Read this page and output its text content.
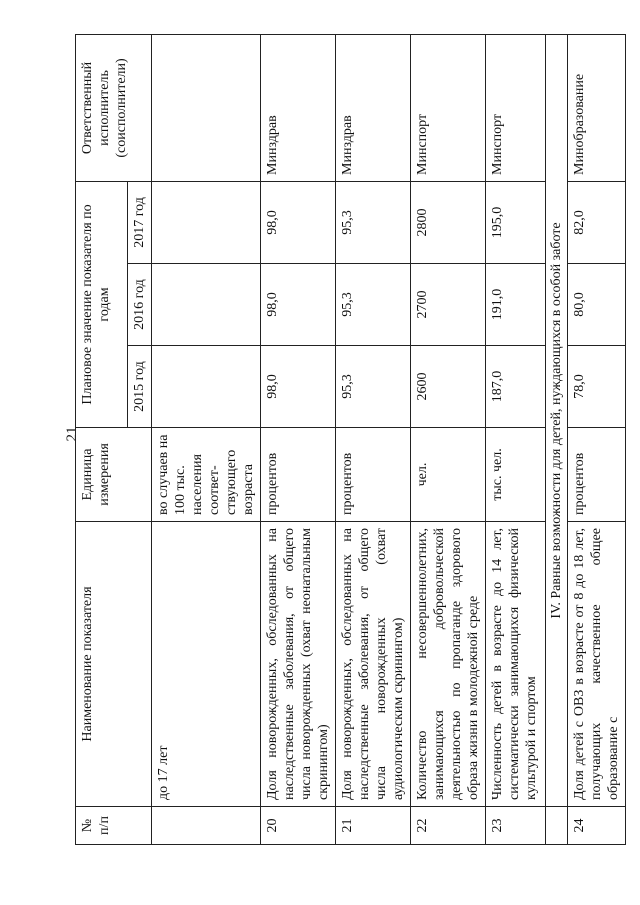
21
№ п/п	Наименование показателя	Единица измерения	Плановое значение показателя по годам			Ответственный исполнитель (соисполнители)
			2015 год	2016 год	2017 год	
	до 17 лет	во случаев на 100 тыс. населения соответ-ствующего возраста				
20	Доля новорожденных, обследованных на наследственные заболевания, от общего числа новорожденных (охват неонатальным скринингом)	процентов	98,0	98,0	98,0	Минздрав
21	Доля новорожденных, обследованных на наследственные заболевания, от общего числа новорожденных (охват аудиологическим скринингом)	процентов	95,3	95,3	95,3	Минздрав
22	Количество несовершеннолетних, занимающихся добровольческой деятельностью по пропаганде здорового образа жизни в молодежной среде	чел.	2600	2700	2800	Минспорт
23	Численность детей в возрасте до 14 лет, систематически занимающихся физической культурой и спортом	тыс. чел.	187,0	191,0	195,0	Минспорт
	IV. Равные возможности для детей, нуждающихся в особой заботе					
24	Доля детей с ОВЗ в возрасте от 8 до 18 лет, получающих качественное общее образование с	процентов	78,0	80,0	82,0	Минобразование
